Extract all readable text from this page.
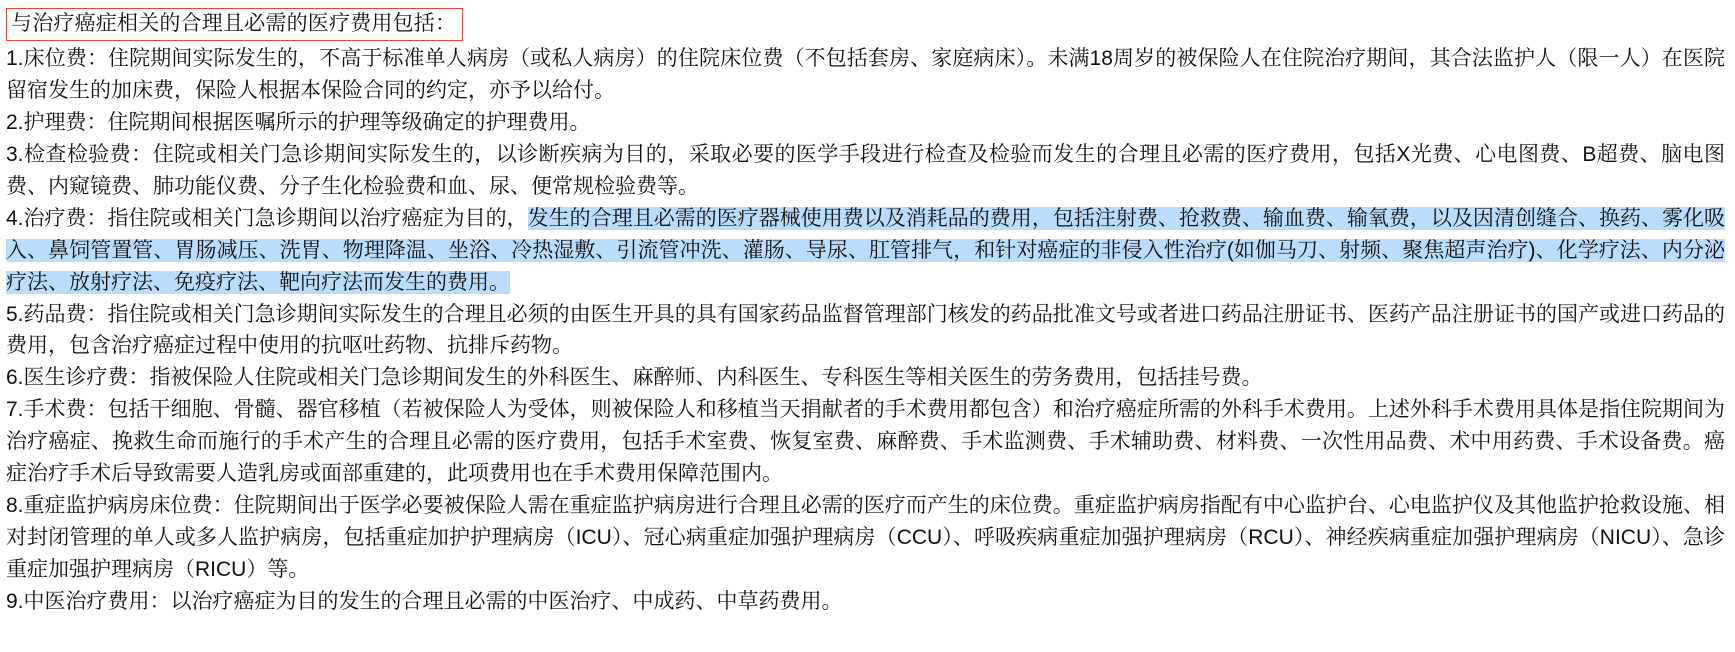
与治疗癌症相关的合理且必需的医疗费用包括：

1.床位费：住院期间实际发生的，不高于标准单人病房（或私人病房）的住院床位费（不包括套房、家庭病床）。未满18周岁的被保险人在住院治疗期间，其合法监护人（限一人）在医院留宿发生的加床费，保险人根据本保险合同的约定，亦予以给付。

2.护理费：住院期间根据医嘱所示的护理等级确定的护理费用。

3.检查检验费：住院或相关门急诊期间实际发生的，以诊断疾病为目的，采取必要的医学手段进行检查及检验而发生的合理且必需的医疗费用，包括X光费、心电图费、B超费、脑电图费、内窥镜费、肺功能仪费、分子生化检验费和血、尿、便常规检验费等。

4.治疗费：指住院或相关门急诊期间以治疗癌症为目的，发生的合理且必需的医疗器械使用费以及消耗品的费用，包括注射费、抢救费、输血费、输氧费，以及因清创缝合、换药、雾化吸入、鼻饲管置管、胃肠减压、洗胃、物理降温、坐浴、冷热湿敷、引流管冲洗、灌肠、导尿、肛管排气，和针对癌症的非侵入性治疗(如伽马刀、射频、聚焦超声治疗)、化学疗法、内分泌疗法、放射疗法、免疫疗法、靶向疗法而发生的费用。

5.药品费：指住院或相关门急诊期间实际发生的合理且必须的由医生开具的具有国家药品监督管理部门核发的药品批准文号或者进口药品注册证书、医药产品注册证书的国产或进口药品的费用，包含治疗癌症过程中使用的抗呕吐药物、抗排斥药物。

6.医生诊疗费：指被保险人住院或相关门急诊期间发生的外科医生、麻醉师、内科医生、专科医生等相关医生的劳务费用，包括挂号费。

7.手术费：包括干细胞、骨髓、器官移植（若被保险人为受体，则被保险人和移植当天捐献者的手术费用都包含）和治疗癌症所需的外科手术费用。上述外科手术费用具体是指住院期间为治疗癌症、挽救生命而施行的手术产生的合理且必需的医疗费用，包括手术室费、恢复室费、麻醉费、手术监测费、手术辅助费、材料费、一次性用品费、术中用药费、手术设备费。癌症治疗手术后导致需要人造乳房或面部重建的，此项费用也在手术费用保障范围内。

8.重症监护病房床位费：住院期间出于医学必要被保险人需在重症监护病房进行合理且必需的医疗而产生的床位费。重症监护病房指配有中心监护台、心电监护仪及其他监护抢救设施、相对封闭管理的单人或多人监护病房，包括重症加护护理病房（ICU）、冠心病重症加强护理病房（CCU）、呼吸疾病重症加强护理病房（RCU）、神经疾病重症加强护理病房（NICU）、急诊重症加强护理病房（RICU）等。

9.中医治疗费用：以治疗癌症为目的发生的合理且必需的中医治疗、中成药、中草药费用。
